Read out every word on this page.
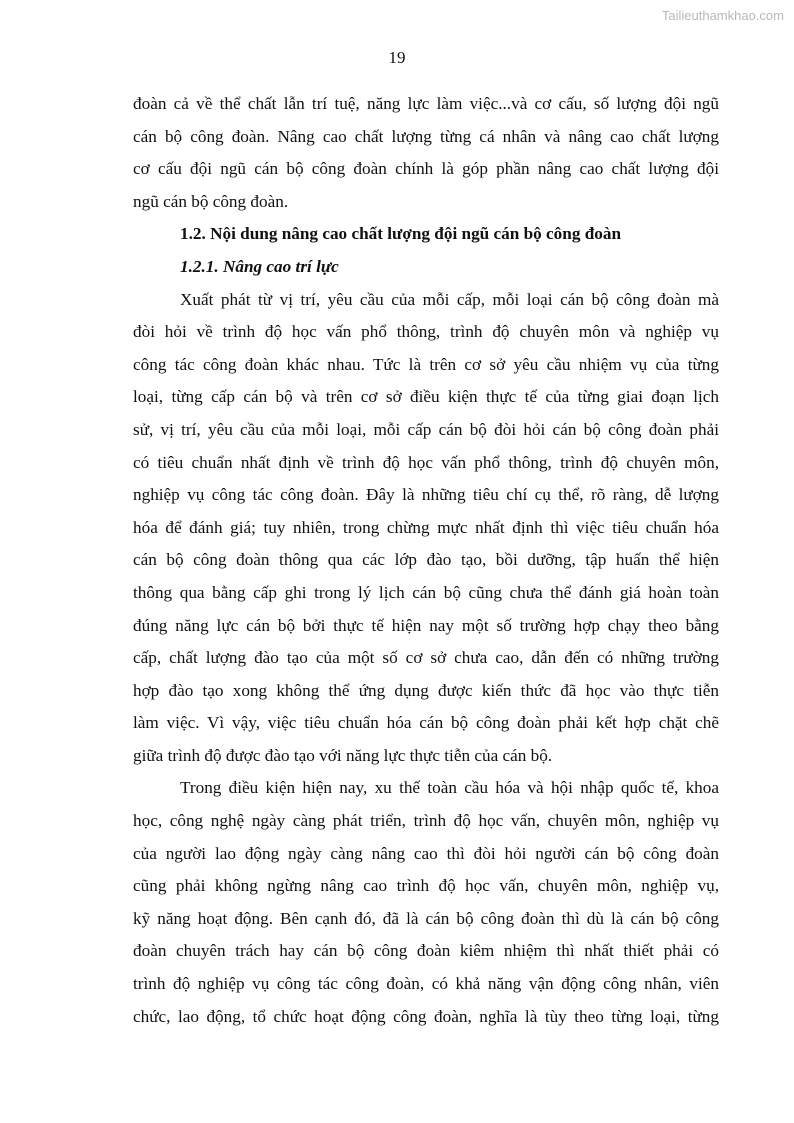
Tailieuthamkhao.com
19
đoàn cả về thể chất lẫn trí tuệ, năng lực làm việc...và cơ cấu, số lượng đội ngũ
cán bộ công đoàn. Nâng cao chất lượng từng cá nhân và nâng cao chất lượng
cơ cấu đội ngũ cán bộ công đoàn chính là góp phần nâng cao chất lượng đội
ngũ cán bộ công đoàn.
1.2. Nội dung nâng cao chất lượng đội ngũ cán bộ công đoàn
1.2.1. Nâng cao trí lực
Xuất phát từ vị trí, yêu cầu của mỗi cấp, mỗi loại cán bộ công đoàn mà
đòi hỏi về trình độ học vấn phổ thông, trình độ chuyên môn và nghiệp vụ
công tác công đoàn khác nhau. Tức là trên cơ sở yêu cầu nhiệm vụ của từng
loại, từng cấp cán bộ và trên cơ sở điều kiện thực tế của từng giai đoạn lịch
sử, vị trí, yêu cầu của mỗi loại, mỗi cấp cán bộ đòi hỏi cán bộ công đoàn phải
có tiêu chuẩn nhất định về trình độ học vấn phổ thông, trình độ chuyên môn,
nghiệp vụ công tác công đoàn. Đây là những tiêu chí cụ thể, rõ ràng, dễ lượng
hóa để đánh giá; tuy nhiên, trong chừng mực nhất định thì việc tiêu chuẩn hóa
cán bộ công đoàn thông qua các lớp đào tạo, bồi dưỡng, tập huấn thể hiện
thông qua bằng cấp ghi trong lý lịch cán bộ cũng chưa thể đánh giá hoàn toàn
đúng năng lực cán bộ bởi thực tế hiện nay một số trường hợp chạy theo bằng
cấp, chất lượng đào tạo của một số cơ sở chưa cao, dẫn đến có những trường
hợp đào tạo xong không thể ứng dụng được kiến thức đã học vào thực tiễn
làm việc. Vì vậy, việc tiêu chuẩn hóa cán bộ công đoàn phải kết hợp chặt chẽ
giữa trình độ được đào tạo với năng lực thực tiễn của cán bộ.
Trong điều kiện hiện nay, xu thế toàn cầu hóa và hội nhập quốc tế, khoa
học, công nghệ ngày càng phát triển, trình độ học vấn, chuyên môn, nghiệp vụ
của người lao động ngày càng nâng cao thì đòi hỏi người cán bộ công đoàn
cũng phải không ngừng nâng cao trình độ học vấn, chuyên môn, nghiệp vụ,
kỹ năng hoạt động. Bên cạnh đó, đã là cán bộ công đoàn thì dù là cán bộ công
đoàn chuyên trách hay cán bộ công đoàn kiêm nhiệm thì nhất thiết phải có
trình độ nghiệp vụ công tác công đoàn, có khả năng vận động công nhân, viên
chức, lao động, tổ chức hoạt động công đoàn, nghĩa là tùy theo từng loại, từng
